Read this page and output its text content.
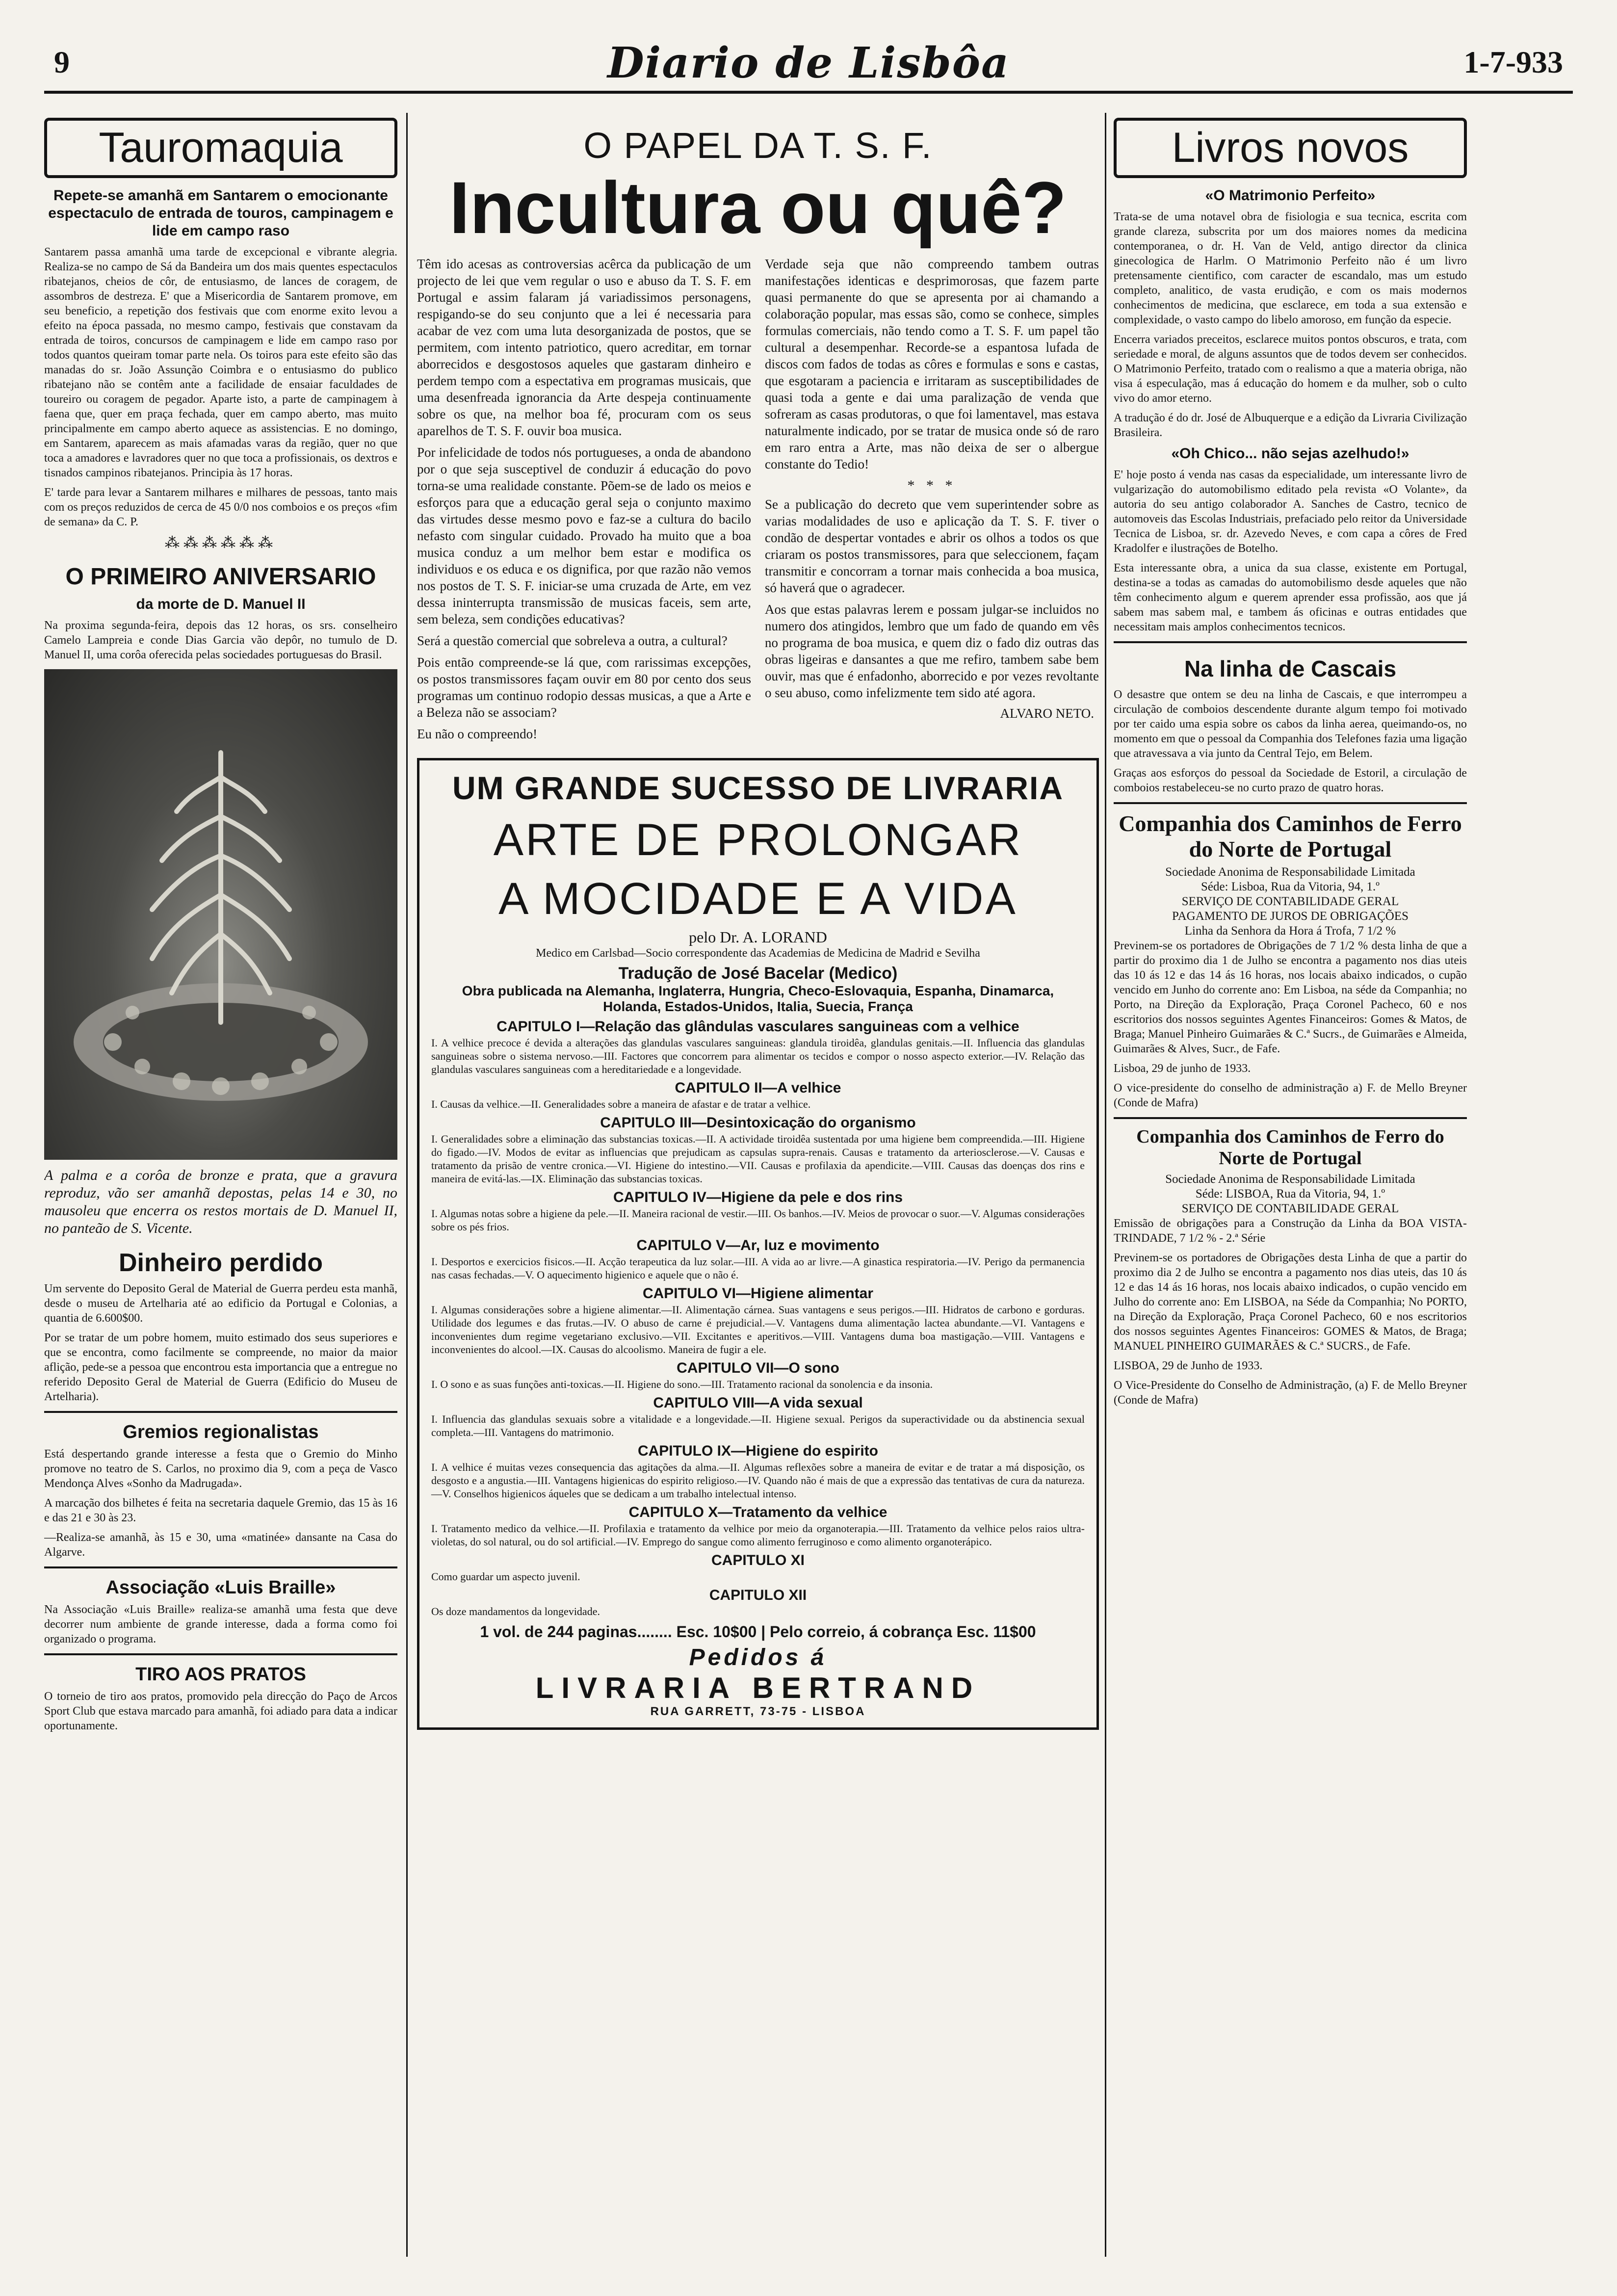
9	Diario de Lisbôa	1-7-933
Tauromaquia
Repete-se amanhã em Santarem o emocionante espectaculo de entrada de touros, campinagem e lide em campo raso

Santarem passa amanhã uma tarde de excepcional e vibrante alegria. Realiza-se no campo de Sá da Bandeira um dos mais quentes espectaculos ribatejanos, cheios de côr, de entusiasmo, de lances de coragem, de assombros de destreza. E' que a Misericordia de Santarem promove, em seu beneficio, a repetição dos festivais que com enorme exito levou a efeito na época passada, no mesmo campo, festivais que constavam da entrada de toiros, concursos de campinagem e lide em campo raso por todos quantos queiram tomar parte nela. Os toiros para este efeito são das manadas do sr. João Assunção Coimbra e o entusiasmo do publico ribatejano não se contêm ante a facilidade de ensaiar faculdades de toureiro ou coragem de pegador. Aparte isto, a parte de campinagem à faena que, quer em praça fechada, quer em campo aberto, mas muito principalmente em campo aberto aquece as assistencias. E no domingo, em Santarem, aparecem as mais afamadas varas da região, quer no que toca a amadores e lavradores quer no que toca a profissionais, os dextros e tisnados campinos ribatejanos. Principia às 17 horas.

E' tarde para levar a Santarem milhares e milhares de pessoas, tanto mais com os preços reduzidos de cerca de 45 0/0 nos comboios e os preços «fim de semana» da C. P.

⁂⁂⁂⁂⁂⁂
O PRIMEIRO ANIVERSARIO
da morte de D. Manuel II

Na proxima segunda-feira, depois das 12 horas, os srs. conselheiro Camelo Lampreia e conde Dias Garcia vão depôr, no tumulo de D. Manuel II, uma corôa oferecida pelas sociedades portuguesas do Brasil.

A palma e a corôa de bronze e prata, que a gravura reproduz, vão ser amanhã depostas, pelas 14 e 30, no mausoleu que encerra os restos mortais de D. Manuel II, no panteão de S. Vicente.
Dinheiro perdido

Um servente do Deposito Geral de Material de Guerra perdeu esta manhã, desde o museu de Artelharia até ao edificio da Portugal e Colonias, a quantia de 6.600$00.

Por se tratar de um pobre homem, muito estimado dos seus superiores e que se encontra, como facilmente se compreende, no maior da maior aflição, pede-se a pessoa que encontrou esta importancia que a entregue no referido Deposito Geral de Material de Guerra (Edificio do Museu de Artelharia).

Gremios regionalistas

Está despertando grande interesse a festa que o Gremio do Minho promove no teatro de S. Carlos, no proximo dia 9, com a peça de Vasco Mendonça Alves «Sonho da Madrugada».

A marcação dos bilhetes é feita na secretaria daquele Gremio, das 15 às 16 e das 21 e 30 às 23.

—Realiza-se amanhã, às 15 e 30, uma «matinée» dansante na Casa do Algarve.

Associação «Luis Braille»

Na Associação «Luis Braille» realiza-se amanhã uma festa que deve decorrer num ambiente de grande interesse, dada a forma como foi organizado o programa.

TIRO AOS PRATOS

O torneio de tiro aos pratos, promovido pela direcção do Paço de Arcos Sport Club que estava marcado para amanhã, foi adiado para data a indicar oportunamente.

O PAPEL DA T. S. F.
Incultura ou quê?

Têm ido acesas as controversias acêrca da publicação de um projecto de lei que vem regular o uso e abuso da T. S. F. em Portugal e assim falaram já variadissimos personagens, respigando-se do seu conjunto que a lei é necessaria para acabar de vez com uma luta desorganizada de postos, que se permitem, com intento patriotico, quero acreditar, em tornar aborrecidos e desgostosos aqueles que gastaram dinheiro e perdem tempo com a espectativa em programas musicais, que uma desenfreada ignorancia da Arte despeja continuamente sobre os que, na melhor boa fé, procuram com os seus aparelhos de T. S. F. ouvir boa musica.

Por infelicidade de todos nós portugueses, a onda de abandono por o que seja susceptivel de conduzir á educação do povo torna-se uma realidade constante. Põem-se de lado os meios e esforços para que a educação geral seja o conjunto maximo das virtudes desse mesmo povo e faz-se a cultura do bacilo nefasto com singular cuidado. Provado ha muito que a boa musica conduz a um melhor bem estar e modifica os individuos e os educa e os dignifica, por que razão não vemos nos postos de T. S. F. iniciar-se uma cruzada de Arte, em vez dessa ininterrupta transmissão de musicas faceis, sem arte, sem beleza, sem condições educativas?

Será a questão comercial que sobreleva a outra, a cultural?

Pois então compreende-se lá que, com rarissimas excepções, os postos transmissores façam ouvir em 80 por cento dos seus programas um continuo rodopio dessas musicas, a que a Arte e a Beleza não se associam?

Eu não o compreendo!

Verdade seja que não compreendo tambem outras manifestações identicas e desprimorosas, que fazem parte quasi permanente do que se apresenta por ai chamando a colaboração popular, mas essas são, como se conhece, simples formulas comerciais, não tendo como a T. S. F. um papel tão cultural a desempenhar. Recorde-se a espantosa lufada de discos com fados de todas as côres e formulas e sons e castas, que esgotaram a paciencia e irritaram as susceptibilidades de quasi toda a gente e dai uma paralização de venda que sofreram as casas produtoras, o que foi lamentavel, mas estava naturalmente indicado, por se tratar de musica onde só de raro em raro entra a Arte, mas não deixa de ser o albergue constante do Tedio!

* * *

Se a publicação do decreto que vem superintender sobre as varias modalidades de uso e aplicação da T. S. F. tiver o condão de despertar vontades e abrir os olhos a todos os que criaram os postos transmissores, para que seleccionem, façam transmitir e concorram a tornar mais conhecida a boa musica, só haverá que o agradecer.

Aos que estas palavras lerem e possam julgar-se incluidos no numero dos atingidos, lembro que um fado de quando em vês no programa de boa musica, e quem diz o fado diz outras das obras ligeiras e dansantes a que me refiro, tambem sabe bem ouvir, mas que é enfadonho, aborrecido e por vezes revoltante o seu abuso, como infelizmente tem sido até agora.

ALVARO NETO.
UM GRANDE SUCESSO DE LIVRARIA
ARTE DE PROLONGAR
A MOCIDADE E A VIDA
pelo Dr. A. LORAND
Medico em Carlsbad—Socio correspondente das Academias de Medicina de Madrid e Sevilha
Tradução de José Bacelar (Medico)
Obra publicada na Alemanha, Inglaterra, Hungria, Checo-Eslovaquia, Espanha, Dinamarca, Holanda, Estados-Unidos, Italia, Suecia, França
CAPITULO I—Relação das glândulas vasculares sanguineas com a velhice
I. A velhice precoce é devida a alterações das glandulas vasculares sanguineas: glandula tiroidêa, glandulas genitais.—II. Influencia das glandulas sanguineas sobre o sistema nervoso.—III. Factores que concorrem para alimentar os tecidos e compor o nosso aspecto exterior.—IV. Relação das glandulas vasculares sanguineas com a hereditariedade e a longevidade.
CAPITULO II—A velhice
I. Causas da velhice.—II. Generalidades sobre a maneira de afastar e de tratar a velhice.
CAPITULO III—Desintoxicação do organismo
I. Generalidades sobre a eliminação das substancias toxicas.—II. A actividade tiroidêa sustentada por uma higiene bem compreendida.—III. Higiene do figado.—IV. Modos de evitar as influencias que prejudicam as capsulas supra-renais. Causas e tratamento da arteriosclerose.—V. Causas e tratamento da prisão de ventre cronica.—VI. Higiene do intestino.—VII. Causas e profilaxia da apendicite.—VIII. Causas das doenças dos rins e maneira de evitá-las.—IX. Eliminação das substancias toxicas.
CAPITULO IV—Higiene da pele e dos rins
I. Algumas notas sobre a higiene da pele.—II. Maneira racional de vestir.—III. Os banhos.—IV. Meios de provocar o suor.—V. Algumas considerações sobre os pés frios.
CAPITULO V—Ar, luz e movimento
I. Desportos e exercicios fisicos.—II. Acção terapeutica da luz solar.—III. A vida ao ar livre.—A ginastica respiratoria.—IV. Perigo da permanencia nas casas fechadas.—V. O aquecimento higienico e aquele que o não é.
CAPITULO VI—Higiene alimentar
I. Algumas considerações sobre a higiene alimentar.—II. Alimentação cárnea. Suas vantagens e seus perigos.—III. Hidratos de carbono e gorduras. Utilidade dos legumes e das frutas.—IV. O abuso de carne é prejudicial.—V. Vantagens duma alimentação lactea abundante.—VI. Vantagens e inconvenientes dum regime vegetariano exclusivo.—VII. Excitantes e aperitivos.—VIII. Vantagens duma boa mastigação.—VIII. Vantagens e inconvenientes do alcool.—IX. Causas do alcoolismo. Maneira de fugir a ele.
CAPITULO VII—O sono
I. O sono e as suas funções anti-toxicas.—II. Higiene do sono.—III. Tratamento racional da sonolencia e da insonia.
CAPITULO VIII—A vida sexual
I. Influencia das glandulas sexuais sobre a vitalidade e a longevidade.—II. Higiene sexual. Perigos da superactividade ou da abstinencia sexual completa.—III. Vantagens do matrimonio.
CAPITULO IX—Higiene do espirito
I. A velhice é muitas vezes consequencia das agitações da alma.—II. Algumas reflexões sobre a maneira de evitar e de tratar a má disposição, os desgosto e a angustia.—III. Vantagens higienicas do espirito religioso.—IV. Quando não é mais de que a expressão das tentativas de cura da natureza.—V. Conselhos higienicos áqueles que se dedicam a um trabalho intelectual intenso.
CAPITULO X—Tratamento da velhice
I. Tratamento medico da velhice.—II. Profilaxia e tratamento da velhice por meio da organoterapia.—III. Tratamento da velhice pelos raios ultra-violetas, do sol natural, ou do sol artificial.—IV. Emprego do sangue como alimento ferruginoso e como alimento organoterápico.
CAPITULO XI
Como guardar um aspecto juvenil.
CAPITULO XII
Os doze mandamentos da longevidade.
1 vol. de 244 paginas........ Esc. 10$00 | Pelo correio, á cobrança Esc. 11$00
Pedidos á
LIVRARIA BERTRAND
RUA GARRETT, 73-75 - LISBOA
Livros novos
«O Matrimonio Perfeito»

Trata-se de uma notavel obra de fisiologia e sua tecnica, escrita com grande clareza, subscrita por um dos maiores nomes da medicina contemporanea, o dr. H. Van de Veld, antigo director da clinica ginecologica de Harlm. O Matrimonio Perfeito não é um livro pretensamente cientifico, com caracter de escandalo, mas um estudo completo, analitico, de vasta erudição, e com os mais modernos conhecimentos de medicina, que esclarece, em toda a sua extensão e complexidade, o vasto campo do libelo amoroso, em função da especie.

Encerra variados preceitos, esclarece muitos pontos obscuros, e trata, com seriedade e moral, de alguns assuntos que de todos devem ser conhecidos. O Matrimonio Perfeito, tratado com o realismo a que a materia obriga, não visa á especulação, mas á educação do homem e da mulher, sob o culto vivo do amor eterno.

A tradução é do dr. José de Albuquerque e a edição da Livraria Civilização Brasileira.

«Oh Chico... não sejas azelhudo!»

E' hoje posto á venda nas casas da especialidade, um interessante livro de vulgarização do automobilismo editado pela revista «O Volante», da autoria do seu antigo colaborador A. Sanches de Castro, tecnico de automoveis das Escolas Industriais, prefaciado pelo reitor da Universidade Tecnica de Lisboa, sr. dr. Azevedo Neves, e com capa a côres de Fred Kradolfer e ilustrações de Botelho.

Esta interessante obra, a unica da sua classe, existente em Portugal, destina-se a todas as camadas do automobilismo desde aqueles que não têm conhecimento algum e querem aprender essa profissão, aos que já sabem mas sabem mal, e tambem ás oficinas e outras entidades que necessitam mais amplos conhecimentos tecnicos.

Na linha de Cascais

O desastre que ontem se deu na linha de Cascais, e que interrompeu a circulação de comboios descendente durante algum tempo foi motivado por ter caido uma espia sobre os cabos da linha aerea, queimando-os, no momento em que o pessoal da Companhia dos Telefones fazia uma ligação que atravessava a via junto da Central Tejo, em Belem.

Graças aos esforços do pessoal da Sociedade de Estoril, a circulação de comboios restabeleceu-se no curto prazo de quatro horas.

Companhia dos Caminhos de Ferro do Norte de Portugal
Sociedade Anonima de Responsabilidade Limitada
Séde: Lisboa, Rua da Vitoria, 94, 1.º
SERVIÇO DE CONTABILIDADE GERAL
PAGAMENTO DE JUROS DE OBRIGAÇÕES
Linha da Senhora da Hora á Trofa, 7 1/2 %

Previnem-se os portadores de Obrigações de 7 1/2 % desta linha de que a partir do proximo dia 1 de Julho se encontra a pagamento nos dias uteis das 10 ás 12 e das 14 ás 16 horas, nos locais abaixo indicados, o cupão vencido em Junho do corrente ano: Em Lisboa, na séde da Companhia; no Porto, na Direção da Exploração, Praça Coronel Pacheco, 60 e nos escritorios dos nossos seguintes Agentes Financeiros: Gomes & Matos, de Braga; Manuel Pinheiro Guimarães & C.ª Sucrs., de Guimarães e Almeida, Guimarães & Alves, Sucr., de Fafe.

Lisboa, 29 de junho de 1933.

O vice-presidente do conselho de administração a) F. de Mello Breyner (Conde de Mafra)

Companhia dos Caminhos de Ferro do Norte de Portugal
Sociedade Anonima de Responsabilidade Limitada
Séde: LISBOA, Rua da Vitoria, 94, 1.º
SERVIÇO DE CONTABILIDADE GERAL

Emissão de obrigações para a Construção da Linha da BOA VISTA-TRINDADE, 7 1/2 % - 2.ª Série

Previnem-se os portadores de Obrigações desta Linha de que a partir do proximo dia 2 de Julho se encontra a pagamento nos dias uteis, das 10 ás 12 e das 14 ás 16 horas, nos locais abaixo indicados, o cupão vencido em Julho do corrente ano: Em LISBOA, na Séde da Companhia; No PORTO, na Direção da Exploração, Praça Coronel Pacheco, 60 e nos escritorios dos nossos seguintes Agentes Financeiros: GOMES & Matos, de Braga; MANUEL PINHEIRO GUIMARÃES & C.ª SUCRS., de Fafe.

LISBOA, 29 de Junho de 1933.

O Vice-Presidente do Conselho de Administração, (a) F. de Mello Breyner (Conde de Mafra)
